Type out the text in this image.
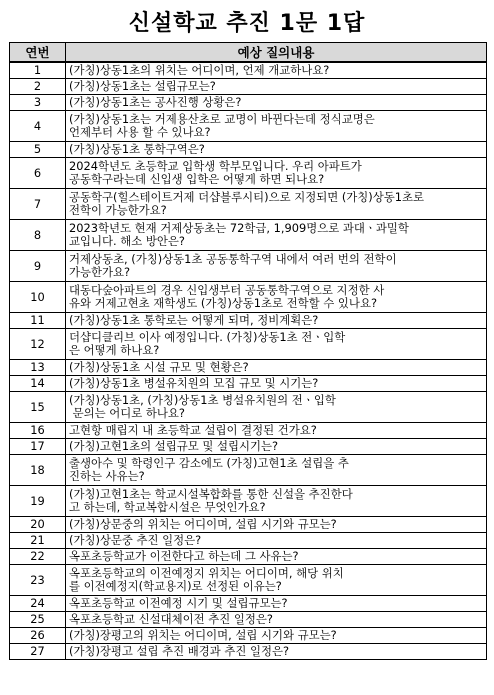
신설학교 추진 1문 1답
연번	예상 질의내용
1	(가칭)상동1초의 위치는 어디이며, 언제 개교하나요?
2	(가칭)상동1초는 설립규모는?
3	(가칭)상동1초는 공사진행 상황은?
4	(가칭)상동1초는 거제용산초로 교명이 바뀐다는데 정식교명은
언제부터 사용 할 수 있나요?
5	(가칭)상동1초 통학구역은?
6	2024학년도 초등학교 입학생 학부모입니다. 우리 아파트가
공동학구라는데 신입생 입학은 어떻게 하면 되나요?
7	공동학구(힐스테이트거제 더샵블루시티)으로 지정되면 (가칭)상동1초로
전학이 가능한가요?
8	2023학년도 현재 거제상동초는 72학급, 1,909명으로 과대ㆍ과밀학
교입니다. 해소 방안은?
9	거제상동초, (가칭)상동1초 공동통학구역 내에서 여러 번의 전학이
가능한가요?
10	대동다숲아파트의 경우 신입생부터 공동통학구역으로 지정한 사
유와 거제고현초 재학생도 (가칭)상동1초로 전학할 수 있나요?
11	(가칭)상동1초 통학로는 어떻게 되며, 정비계획은?
12	더샵디클리브 이사 예정입니다. (가칭)상동1초 전ㆍ입학
은 어떻게 하나요?
13	(가칭)상동1초 시설 규모 및 현황은?
14	(가칭)상동1초 병설유치원의 모집 규모 및 시기는?
15	(가칭)상동1초, (가칭)상동1초 병설유치원의 전ㆍ입학
문의는 어디로 하나요?
16	고현항 매립지 내 초등학교 설립이 결정된 건가요?
17	(가칭)고현1초의 설립규모 및 설립시기는?
18	출생아수 및 학령인구 감소에도 (가칭)고현1초 설립을 추
진하는 사유는?
19	(가칭)고현1초는 학교시설복합화를 통한 신설을 추진한다
고 하는데, 학교복합시설은 무엇인가요?
20	(가칭)상문중의 위치는 어디이며, 설립 시기와 규모는?
21	(가칭)상문중 추진 일정은?
22	옥포초등학교가 이전한다고 하는데 그 사유는?
23	옥포초등학교의 이전예정지 위치는 어디이며, 해당 위치
를 이전예정지(학교용지)로 선정된 이유는?
24	옥포초등학교 이전예정 시기 및 설립규모는?
25	옥포초등학교 신설대체이전 추진 일정은?
26	(가칭)장평고의 위치는 어디이며, 설립 시기와 규모는?
27	(가칭)장평고 설립 추진 배경과 추진 일정은?
